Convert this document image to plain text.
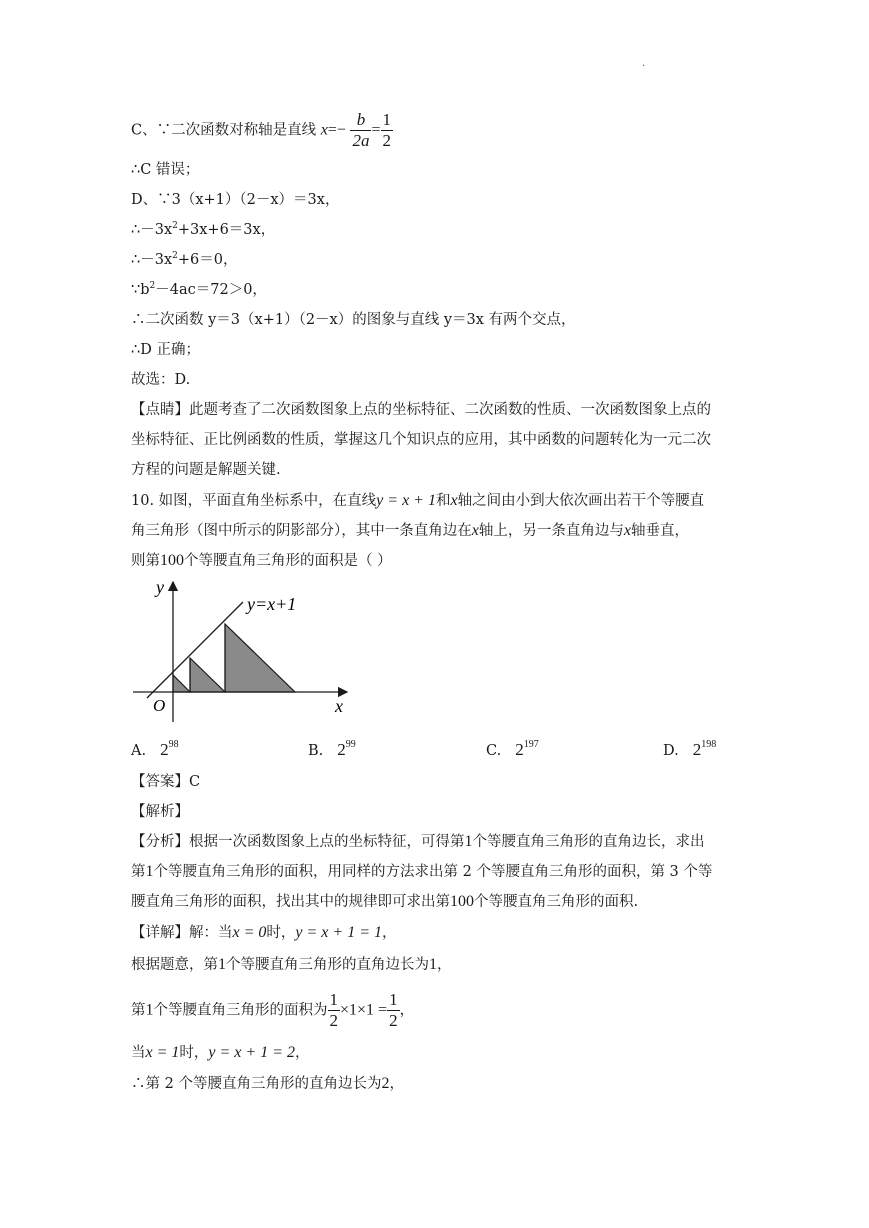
.
C、∵二次函数对称轴是直线 $x=- \frac{b}{2a} = \frac{1}{2}$
∴C 错误；
D、∵3（x+1）（2－x）＝3x，
$\therefore-3x^2+3x+6=3x$，
$\therefore-3x^2+6=0$，
$\because b^2-4ac=72>0$，
∴二次函数 y＝3（x+1）（2－x）的图象与直线 y＝3x 有两个交点，
∴D 正确；
故选：D.
【点睛】此题考查了二次函数图象上点的坐标特征、二次函数的性质、一次函数图象上点的
坐标特征、正比例函数的性质，掌握这几个知识点的应用，其中函数的问题转化为一元二次
方程的问题是解题关键.
10. 如图，平面直角坐标系中，在直线y = x + 1和x轴之间由小到大依次画出若干个等腰直
角三角形（图中所示的阴影部分），其中一条直角边在x轴上，另一条直角边与x轴垂直，
则第100个等腰直角三角形的面积是（ ）
y
x
O
y=x+1
A. $2^{98}$	B. $2^{99}$	C. $2^{197}$	D. $2^{198}$
【答案】C
【解析】
【分析】根据一次函数图象上点的坐标特征，可得第1个等腰直角三角形的直角边长，求出
第1个等腰直角三角形的面积，用同样的方法求出第 2 个等腰直角三角形的面积，第 3 个等
腰直角三角形的面积，找出其中的规律即可求出第100个等腰直角三角形的面积.
【详解】解：当x = 0时，y = x + 1 = 1，
根据题意，第1个等腰直角三角形的直角边长为1，
第1个等腰直角三角形的面积为 $\frac{1}{2} \times 1\times 1 = \frac{1}{2}$ ，
当x = 1时，y = x + 1 = 2，
∴第 2 个等腰直角三角形的直角边长为2，
